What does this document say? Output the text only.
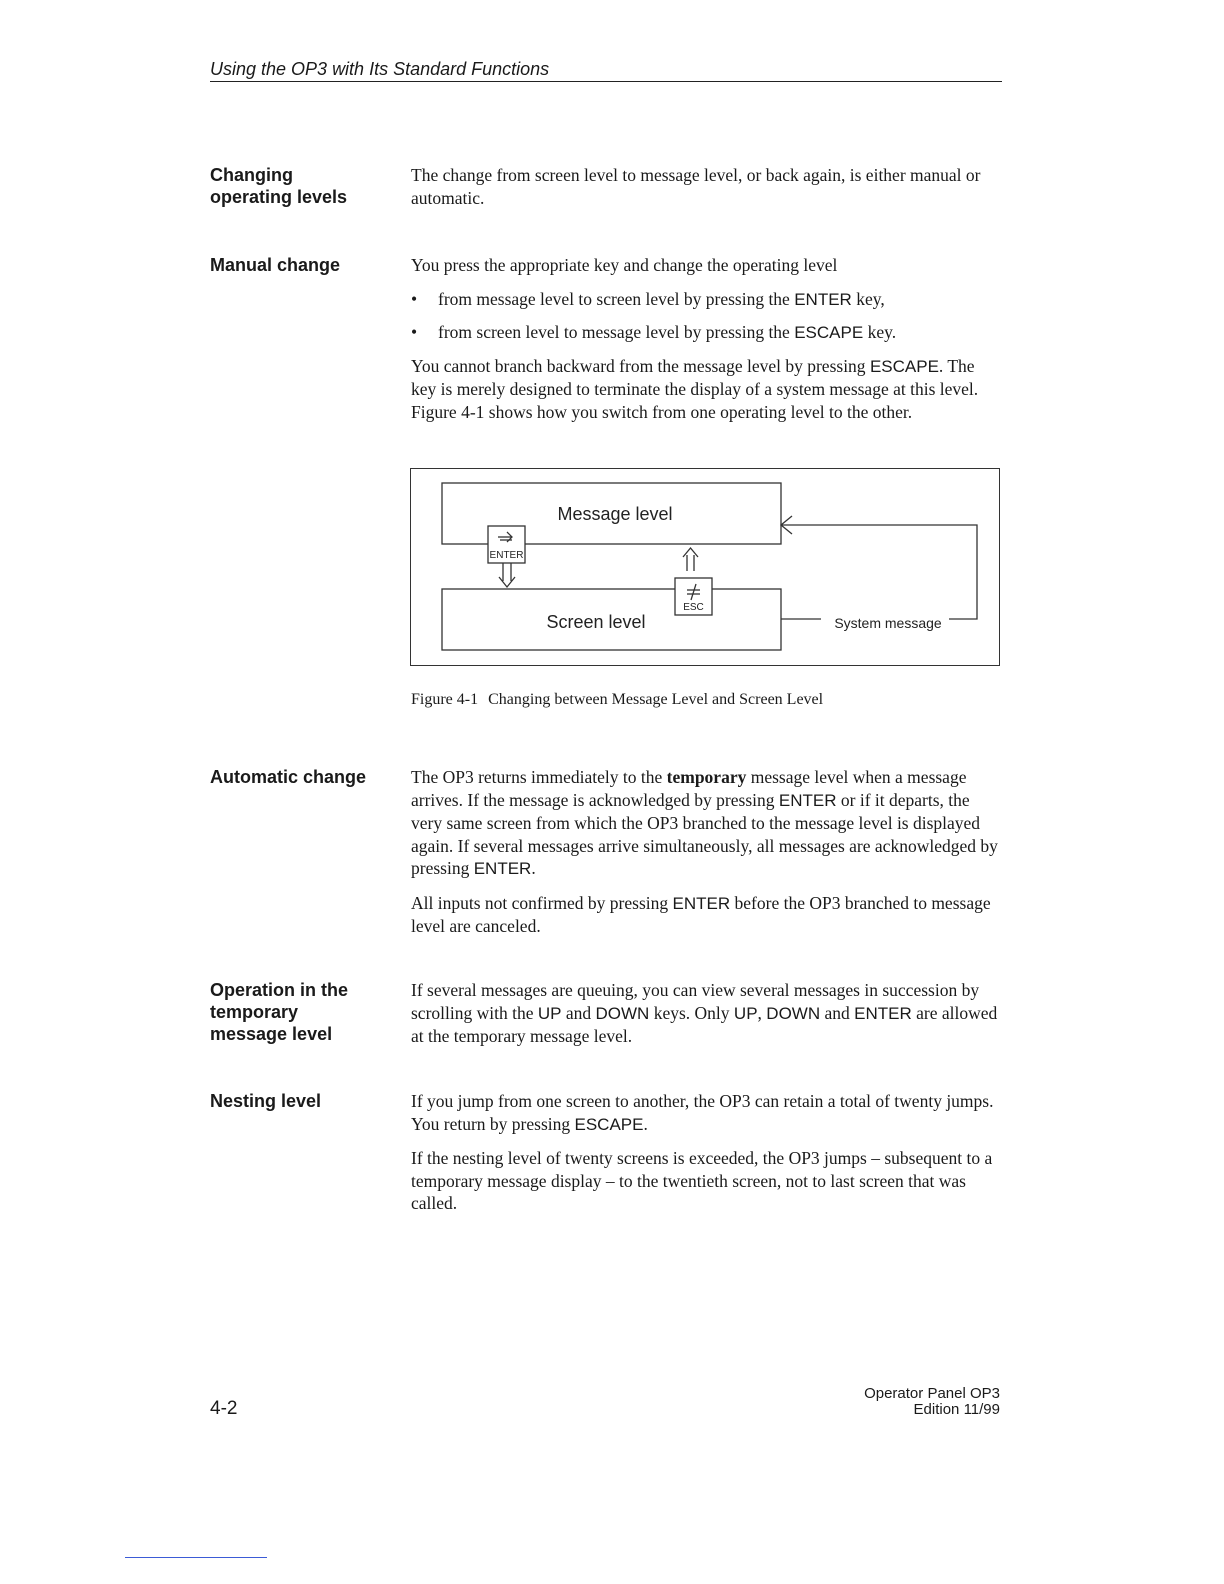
Using the OP3 with Its Standard Functions
Changing
operating levels

The change from screen level to message level, or back again, is either manual or automatic.

Manual change	You press the appropriate key and change the operating level

• from message level to screen level by pressing the ENTER key,
• from screen level to message level by pressing the ESCAPE key.

You cannot branch backward from the message level by pressing ESCAPE. The key is merely designed to terminate the display of a system message at this level. Figure 4-1 shows how you switch from one operating level to the other.

Message level
Screen level
ENTER
ESC
System message
Figure 4-1 Changing between Message Level and Screen Level
Automatic change	The OP3 returns immediately to the temporary message level when a message arrives. If the message is acknowledged by pressing ENTER or if it departs, the very same screen from which the OP3 branched to the message level is displayed again. If several messages arrive simultaneously, all messages are acknowledged by pressing ENTER.

All inputs not confirmed by pressing ENTER before the OP3 branched to message level are canceled.

Operation in the
temporary
message level

If several messages are queuing, you can view several messages in succession by scrolling with the UP and DOWN keys. Only UP, DOWN and ENTER are allowed at the temporary message level.

Nesting level	If you jump from one screen to another, the OP3 can retain a total of twenty jumps. You return by pressing ESCAPE.

If the nesting level of twenty screens is exceeded, the OP3 jumps – subsequent to a temporary message display – to the twentieth screen, not to last screen that was called.

4-2
Operator Panel OP3
Edition 11/99
